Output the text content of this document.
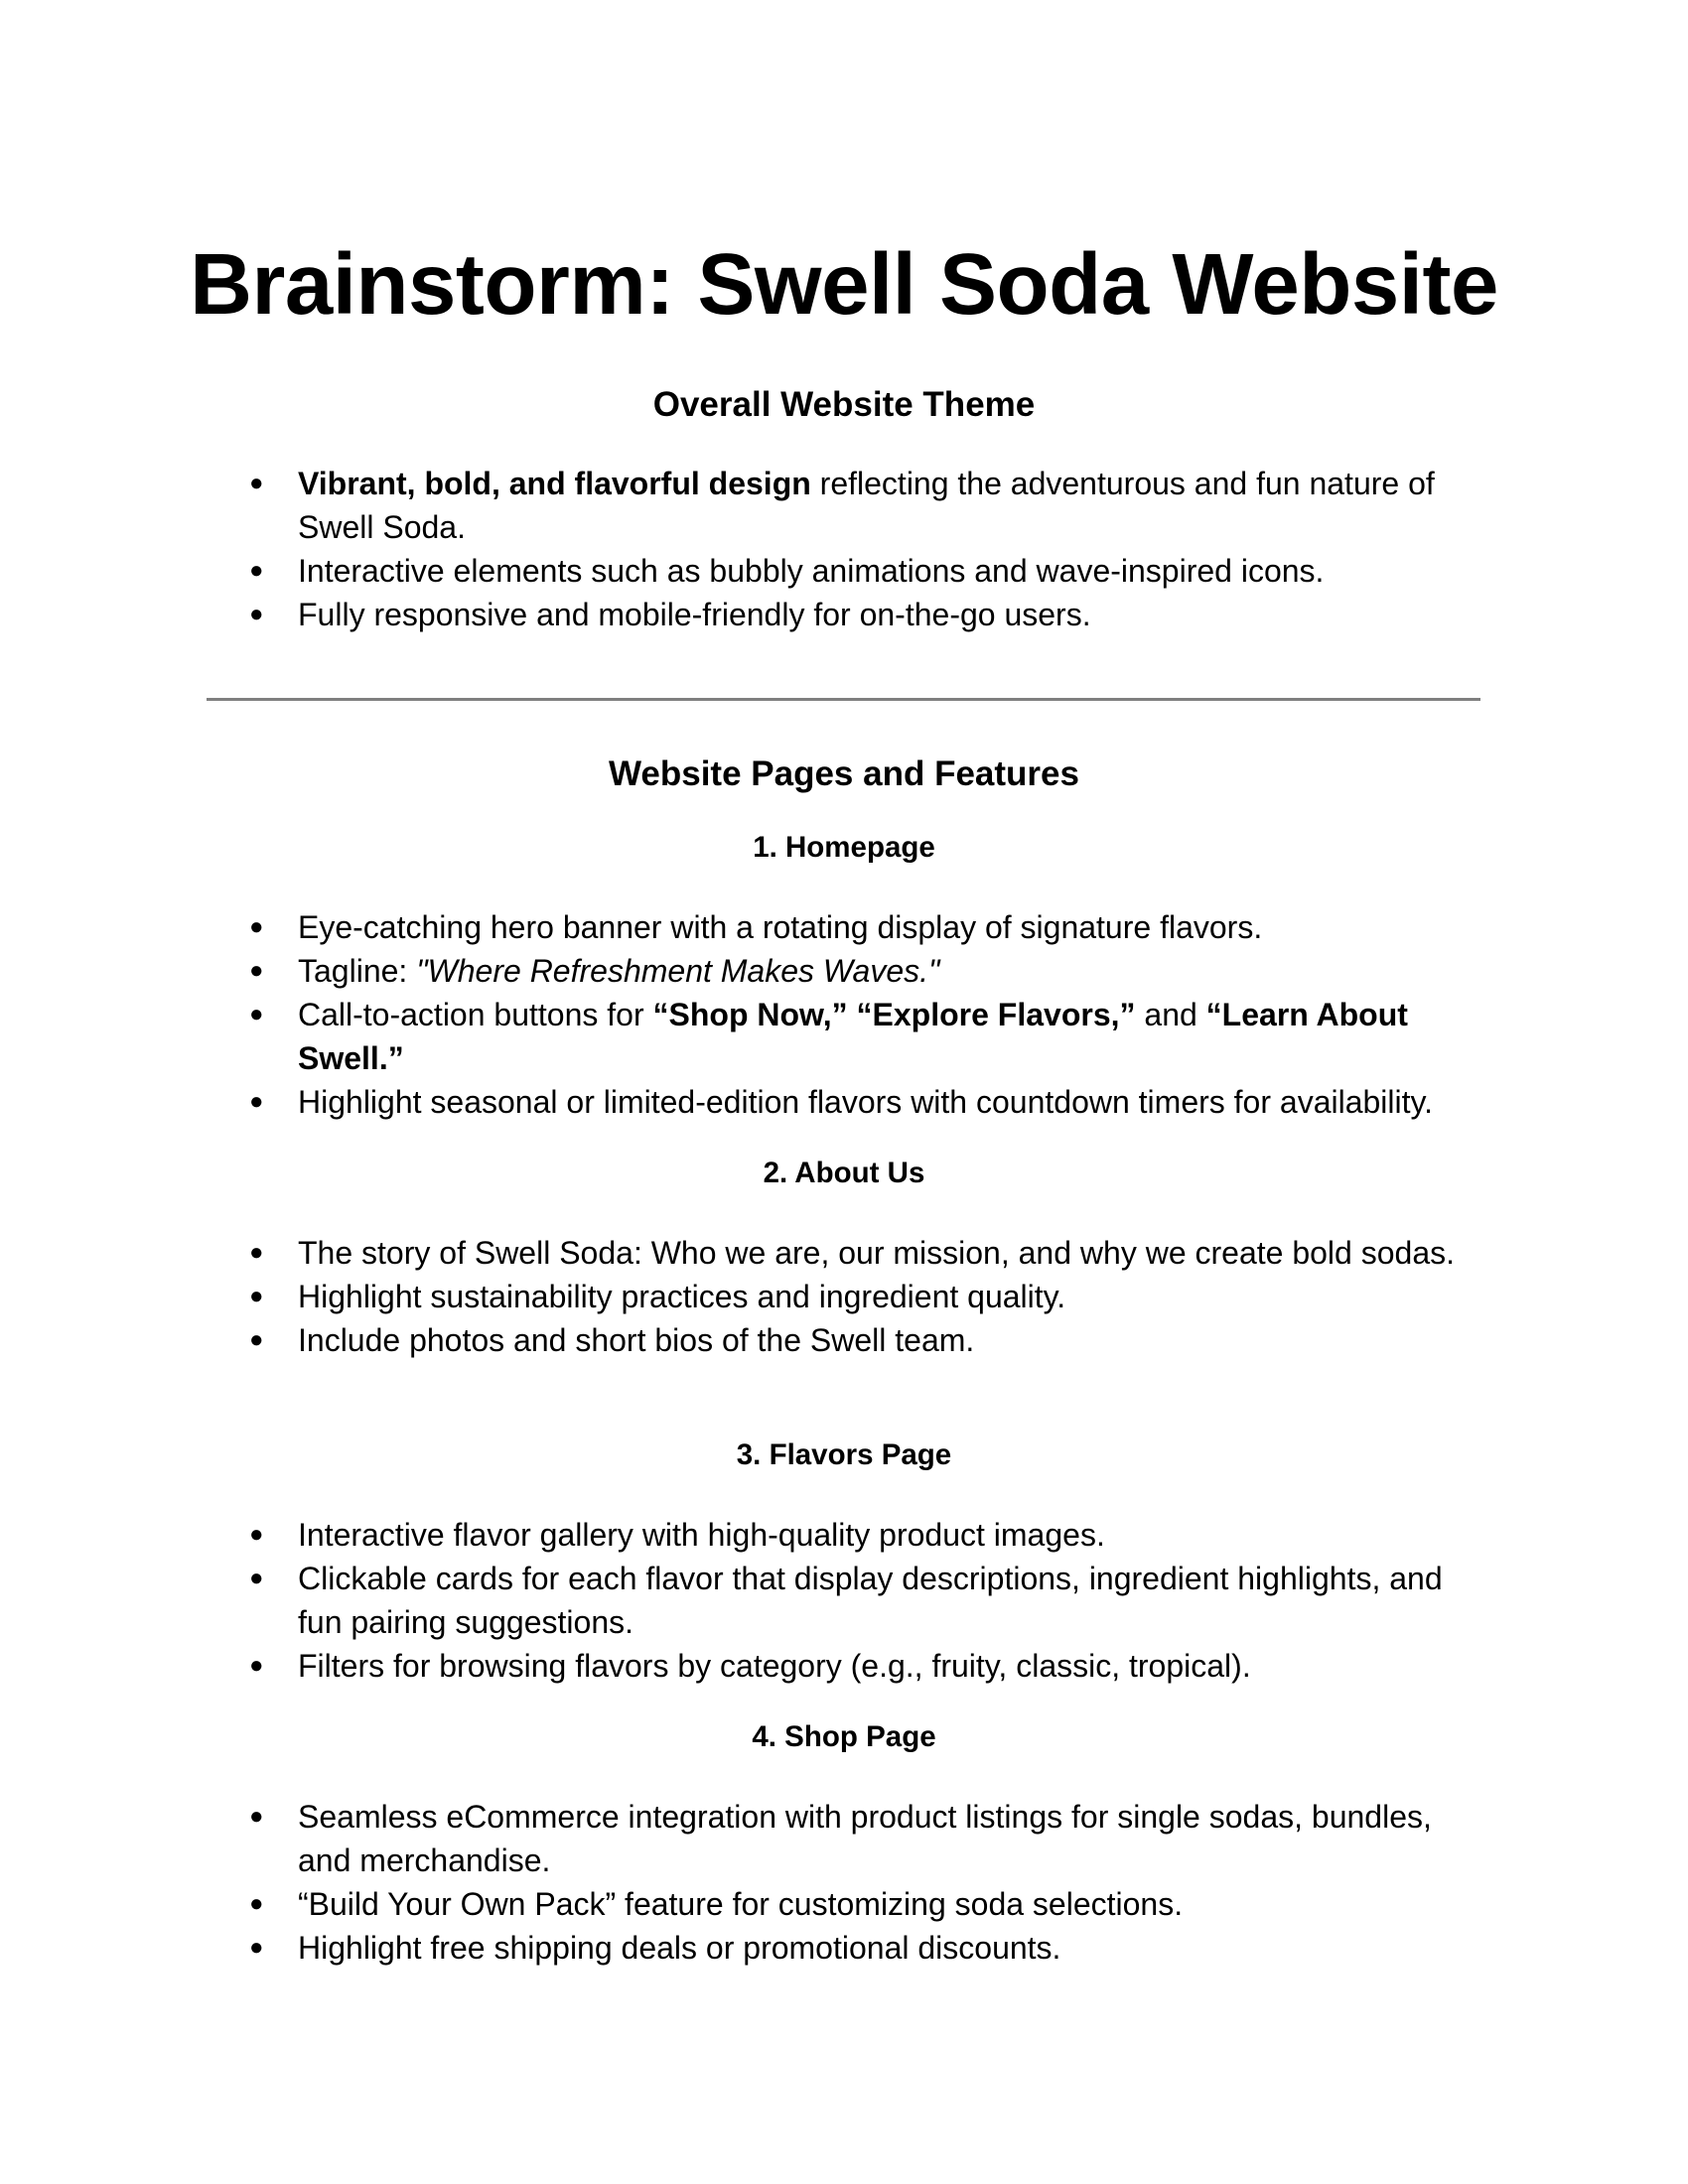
Brainstorm: Swell Soda Website
Overall Website Theme
● Vibrant, bold, and flavorful design reflecting the adventurous and fun nature of Swell Soda.
● Interactive elements such as bubbly animations and wave-inspired icons.
● Fully responsive and mobile-friendly for on-the-go users.
Website Pages and Features
1. Homepage
● Eye-catching hero banner with a rotating display of signature flavors.
● Tagline: "Where Refreshment Makes Waves."
● Call-to-action buttons for “Shop Now,” “Explore Flavors,” and “Learn About Swell.”
● Highlight seasonal or limited-edition flavors with countdown timers for availability.
2. About Us
● The story of Swell Soda: Who we are, our mission, and why we create bold sodas.
● Highlight sustainability practices and ingredient quality.
● Include photos and short bios of the Swell team.
3. Flavors Page
● Interactive flavor gallery with high-quality product images.
● Clickable cards for each flavor that display descriptions, ingredient highlights, and fun pairing suggestions.
● Filters for browsing flavors by category (e.g., fruity, classic, tropical).
4. Shop Page
● Seamless eCommerce integration with product listings for single sodas, bundles, and merchandise.
● “Build Your Own Pack” feature for customizing soda selections.
● Highlight free shipping deals or promotional discounts.
